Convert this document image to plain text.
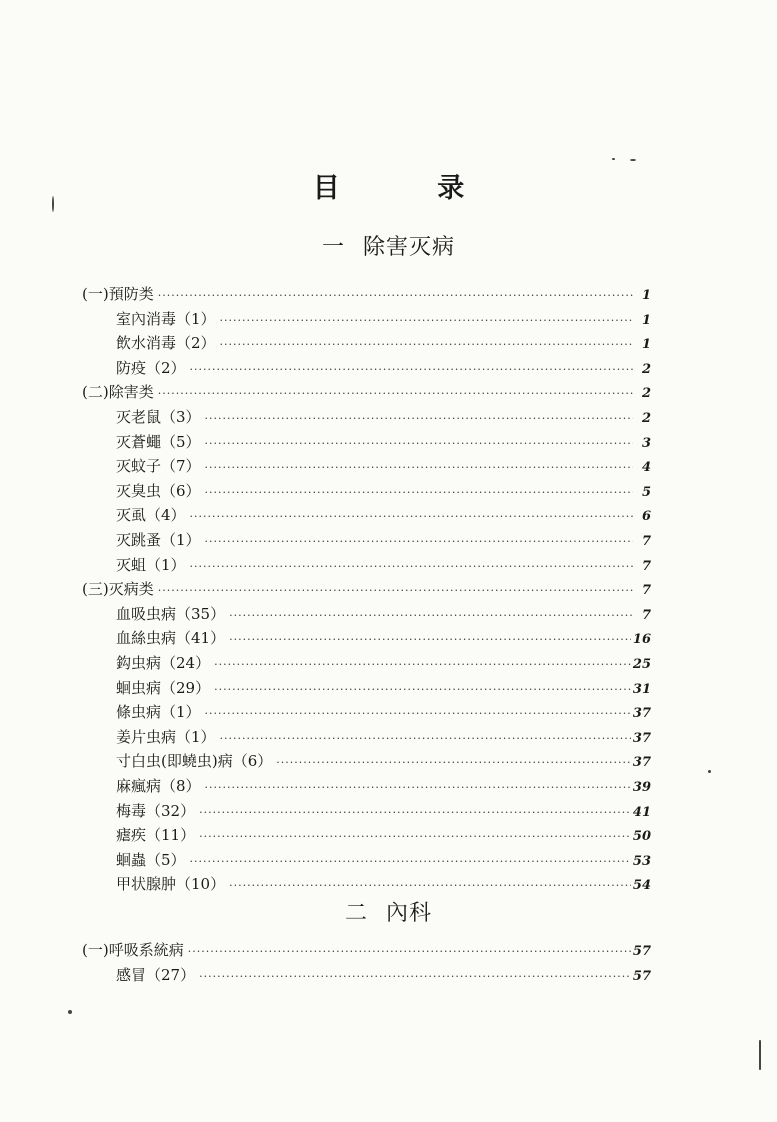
目 录
一 除害灭病
二 內科
(一)預防类 ·····	1
室內消毒（1） ·····	1
飲水消毒（2） ·····	1
防疫（2） ·····	2
(二)除害类 ·····	2
灭老鼠（3） ·····	2
灭蒼蠅（5） ·····	3
灭蚊子（7） ·····	4
灭臭虫（6） ·····	5
灭虱（4） ·····	6
灭跳蚤（1） ·····	7
灭蛆（1） ·····	7
(三)灭病类 ·····	7
血吸虫病（35） ·····	7
血絲虫病（41） ·····	16
鈎虫病（24） ·····	25
蛔虫病（29） ·····	31
條虫病（1） ·····	37
姜片虫病（1） ·····	37
寸白虫(即蟯虫)病（6） ·····	37
麻瘋病（8） ·····	39
梅毒（32） ·····	41
瘧疾（11） ·····	50
蛔蟲（5） ·····	53
甲状腺肿（10） ·····	54
(一)呼吸系統病 ·····	57
感冒（27） ·····	57
